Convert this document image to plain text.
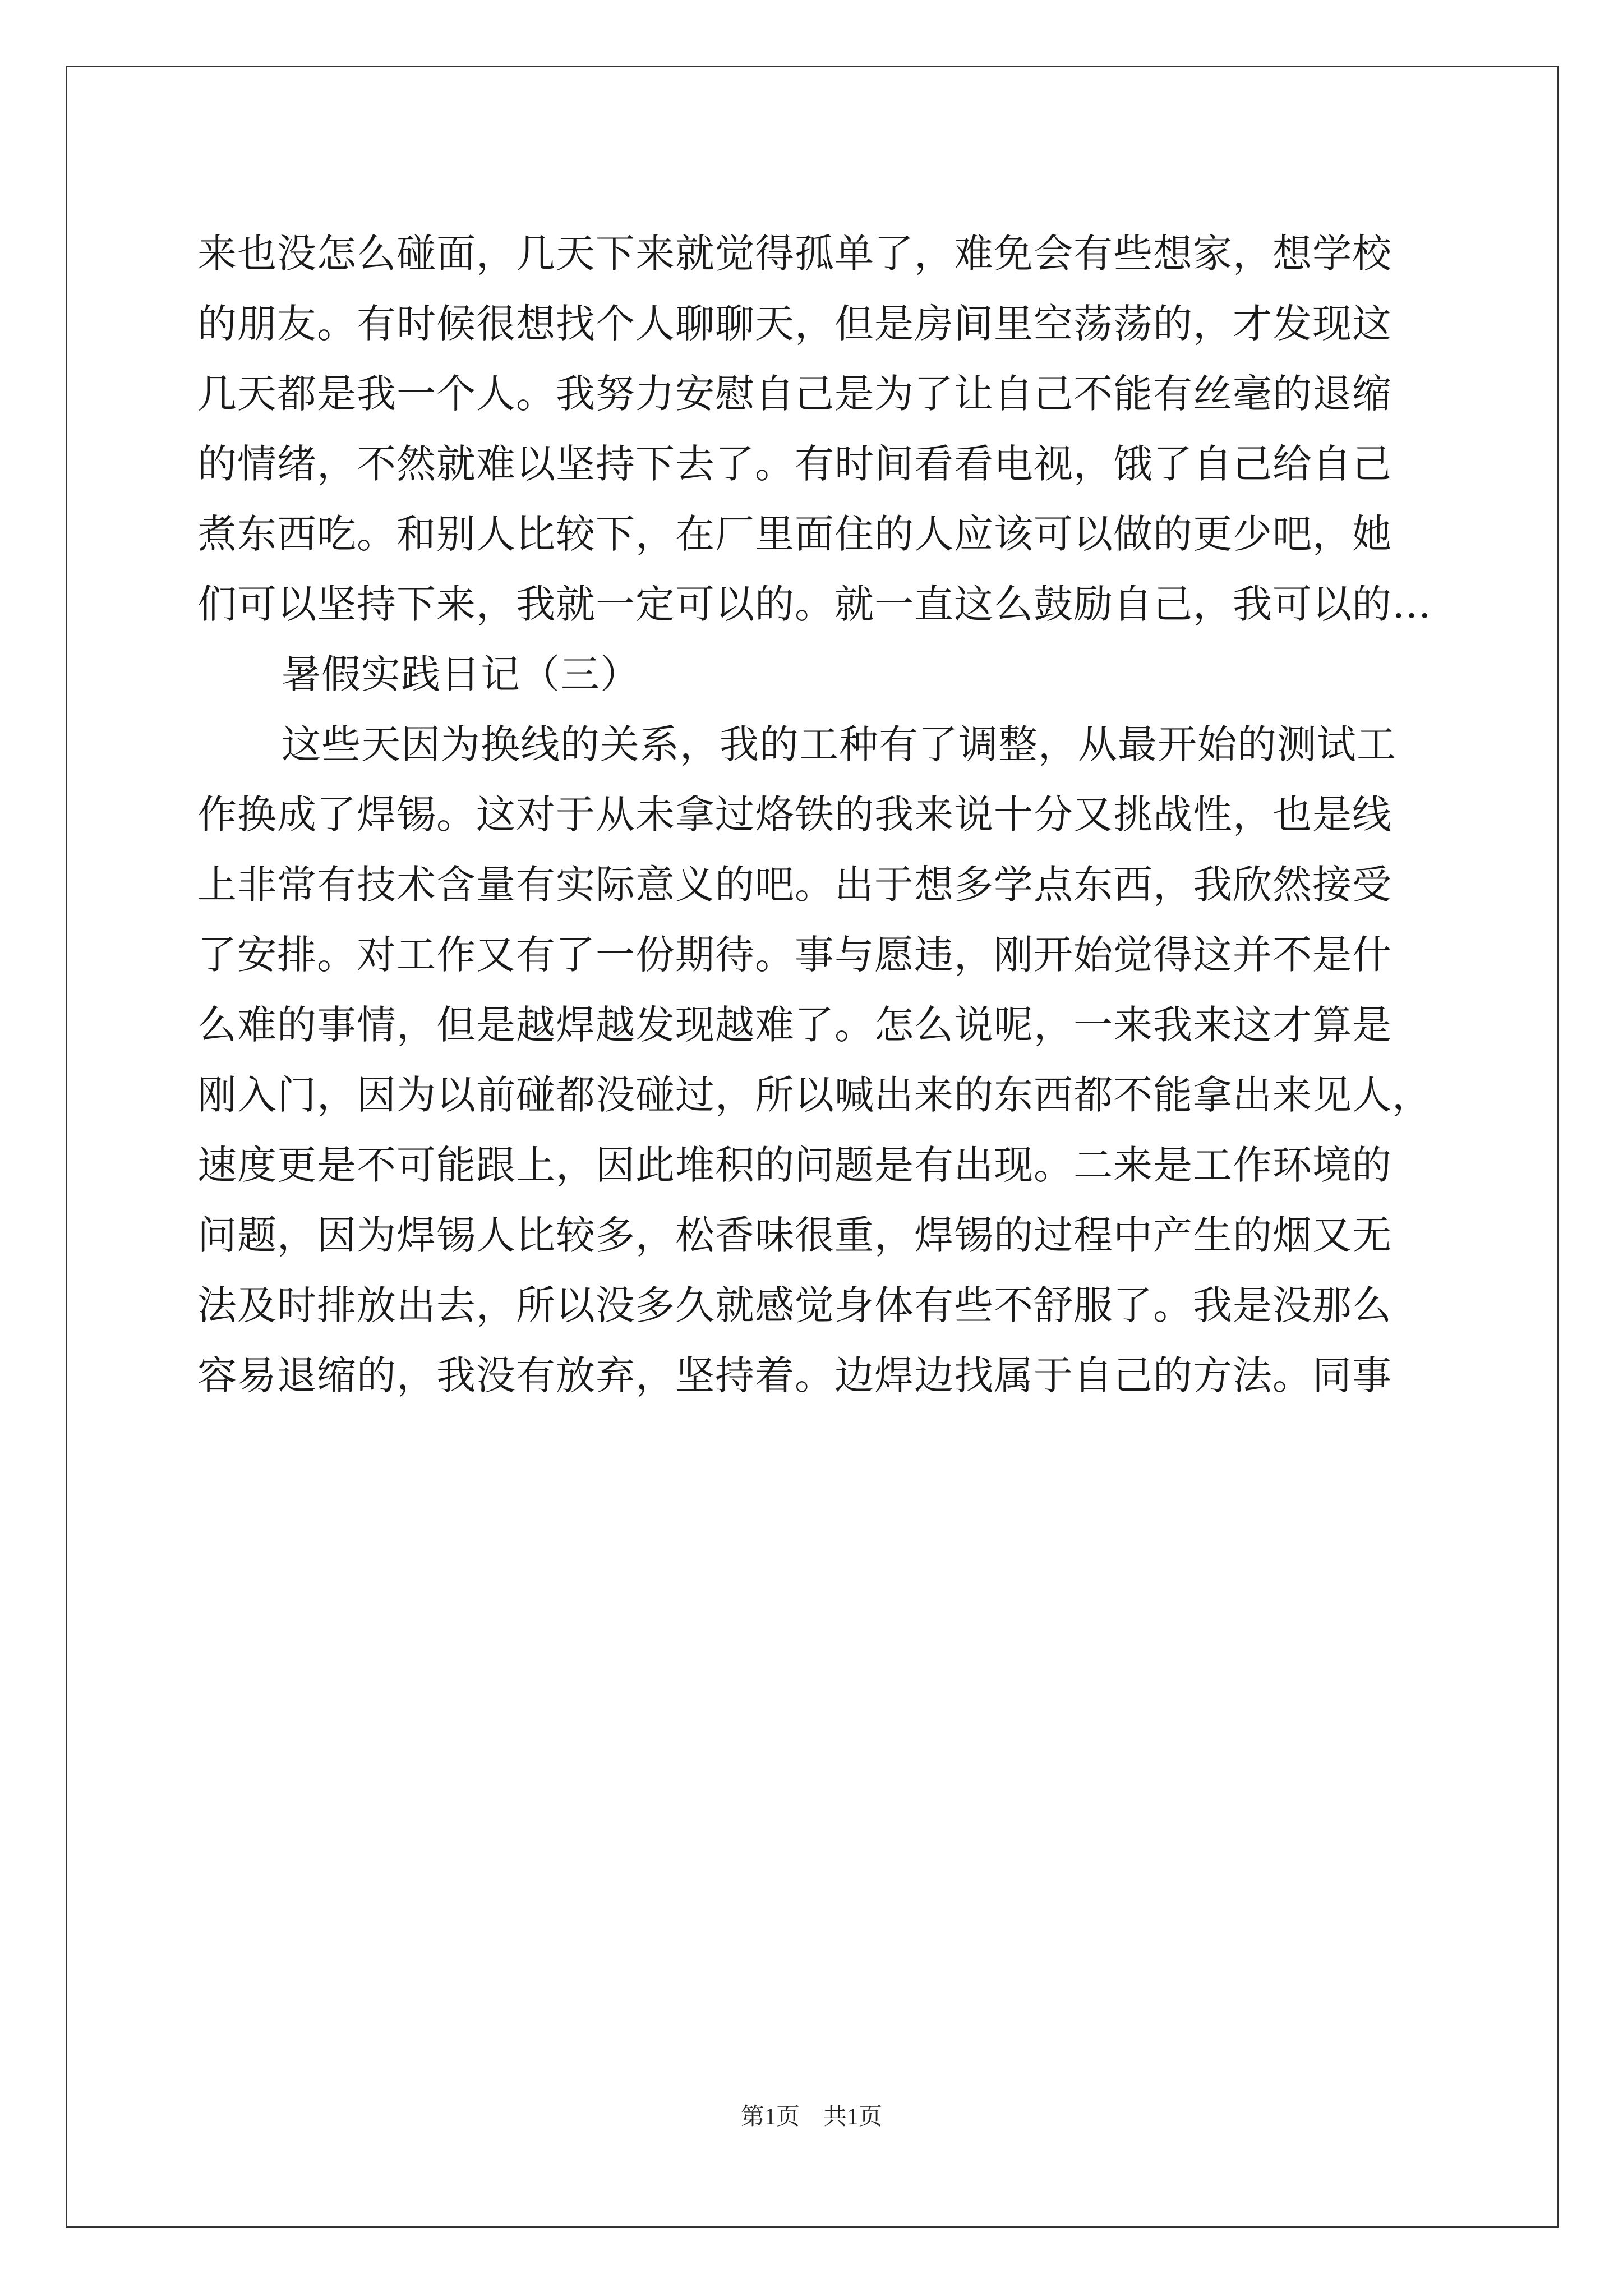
来也没怎么碰面，几天下来就觉得孤单了，难免会有些想家，想学校
的朋友。有时候很想找个人聊聊天，但是房间里空荡荡的，才发现这
几天都是我一个人。我努力安慰自己是为了让自己不能有丝毫的退缩
的情绪，不然就难以坚持下去了。有时间看看电视，饿了自己给自己
煮东西吃。和别人比较下，在厂里面住的人应该可以做的更少吧，她
们可以坚持下来，我就一定可以的。就一直这么鼓励自己，我可以的…
暑假实践日记（三）
这些天因为换线的关系，我的工种有了调整，从最开始的测试工
作换成了焊锡。这对于从未拿过烙铁的我来说十分又挑战性，也是线
上非常有技术含量有实际意义的吧。出于想多学点东西，我欣然接受
了安排。对工作又有了一份期待。事与愿违，刚开始觉得这并不是什
么难的事情，但是越焊越发现越难了。怎么说呢，一来我来这才算是
刚入门，因为以前碰都没碰过，所以喊出来的东西都不能拿出来见人，
速度更是不可能跟上，因此堆积的问题是有出现。二来是工作环境的
问题，因为焊锡人比较多，松香味很重，焊锡的过程中产生的烟又无
法及时排放出去，所以没多久就感觉身体有些不舒服了。我是没那么
容易退缩的，我没有放弃，坚持着。边焊边找属于自己的方法。同事
第1页　共1页
